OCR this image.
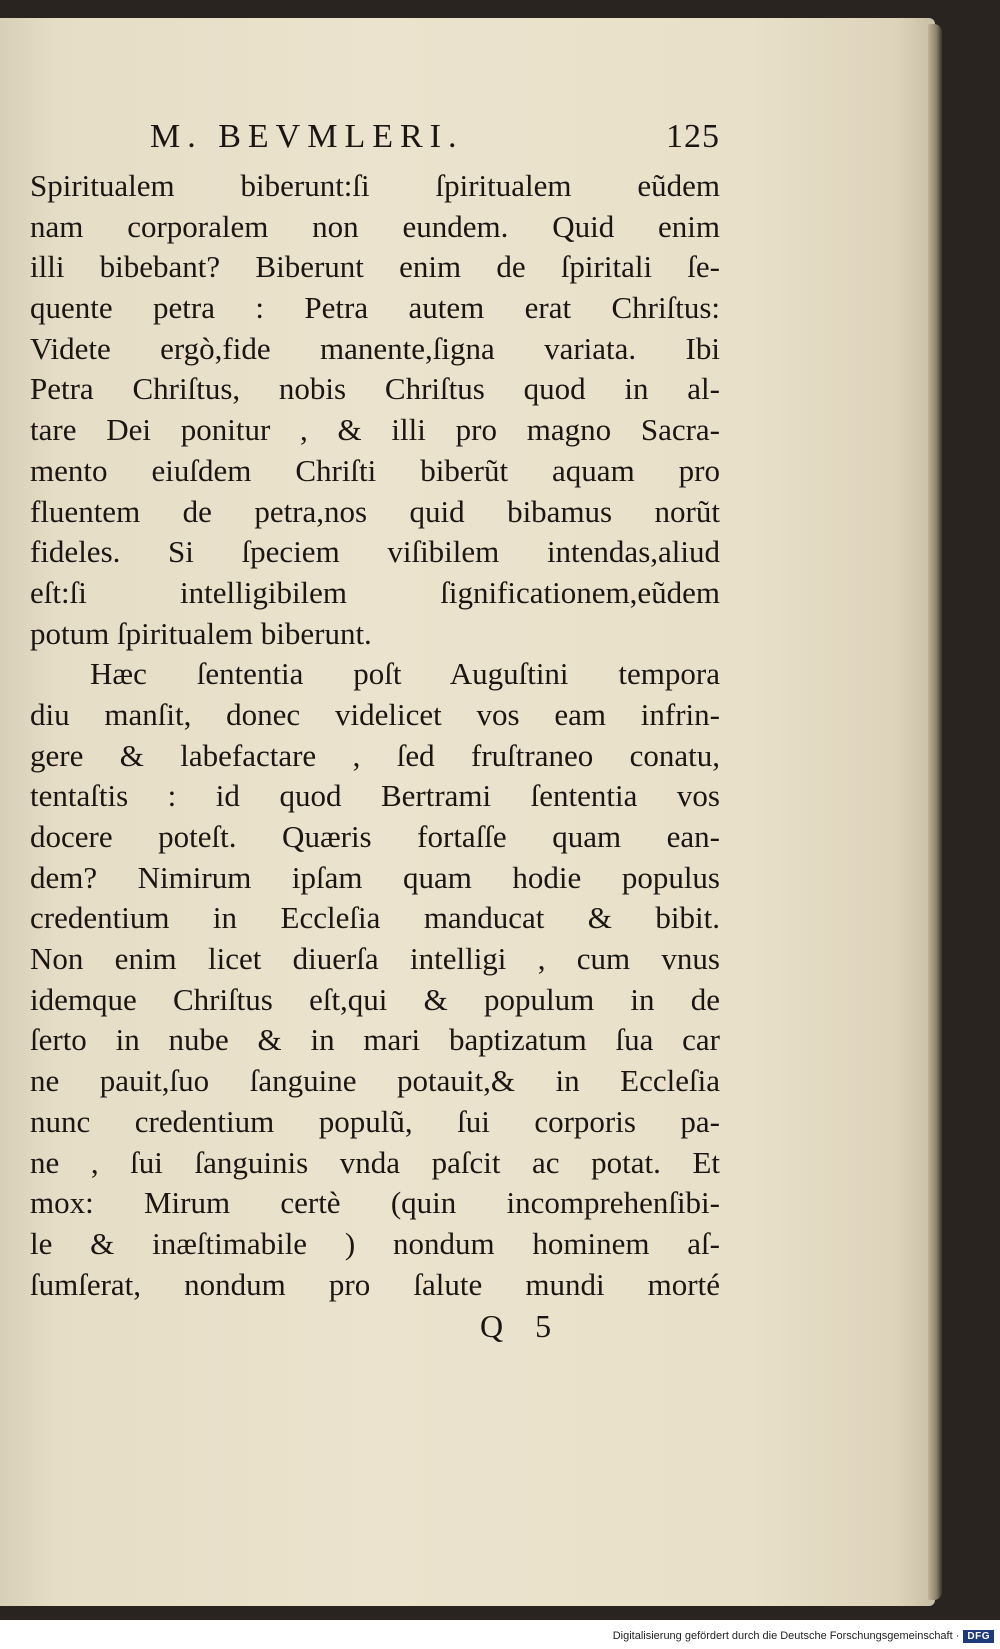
M. BEVMLERI.	125
Spiritualem biberunt:ſi ſpiritualem eũdem
nam corporalem non eundem. Quid enim
illi bibebant? Biberunt enim de ſpiritali ſe-
quente petra : Petra autem erat Chriſtus:
Videte ergò,fide manente,ſigna variata. Ibi
Petra Chriſtus, nobis Chriſtus quod in al-
tare Dei ponitur , & illi pro magno Sacra-
mento eiuſdem Chriſti biberũt aquam pro
fluentem de petra,nos quid bibamus norũt
fideles. Si ſpeciem viſibilem intendas,aliud
eſt:ſi intelligibilem ſignificationem,eũdem
potum ſpiritualem biberunt.
Hæc ſententia poſt Auguſtini tempora
diu manſit, donec videlicet vos eam infrin-
gere & labefactare , ſed fruſtraneo conatu,
tentaſtis : id quod Bertrami ſententia vos
docere poteſt. Quæris fortaſſe quam ean-
dem? Nimirum ipſam quam hodie populus
credentium in Eccleſia manducat & bibit.
Non enim licet diuerſa intelligi , cum vnus
idemque Chriſtus eſt,qui & populum in de
ſerto in nube & in mari baptizatum ſua car
ne pauit,ſuo ſanguine potauit,& in Eccleſia
nunc credentium populũ, ſui corporis pa-
ne , ſui ſanguinis vnda paſcit ac potat. Et
mox: Mirum certè (quin incomprehenſibi-
le & inæſtimabile ) nondum hominem aſ-
ſumſerat, nondum pro ſalute mundi morté
Q 5
Digitalisierung gefördert durch die Deutsche Forschungsgemeinschaft · DFG
